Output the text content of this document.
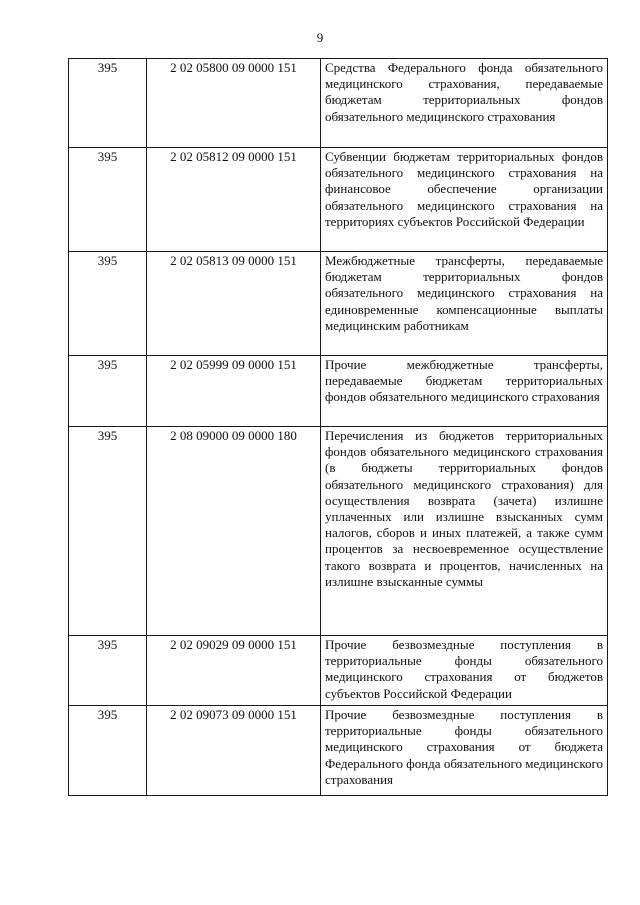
9
395	2 02 05800 09 0000 151	Средства Федерального фонда обязательного медицинского страхования, передаваемые бюджетам территориальных фондов обязательного медицинского страхования
395	2 02 05812 09 0000 151	Субвенции бюджетам территориальных фондов обязательного медицинского страхования на финансовое обеспечение организации обязательного медицинского страхования на территориях субъектов Российской Федерации
395	2 02 05813 09 0000 151	Межбюджетные трансферты, передаваемые бюджетам территориальных фондов обязательного медицинского страхования на единовременные компенсационные выплаты медицинским работникам
395	2 02 05999 09 0000 151	Прочие межбюджетные трансферты, передаваемые бюджетам территориальных фондов обязательного медицинского страхования
395	2 08 09000 09 0000 180	Перечисления из бюджетов территориальных фондов обязательного медицинского страхования (в бюджеты территориальных фондов обязательного медицинского страхования) для осуществления возврата (зачета) излишне уплаченных или излишне взысканных сумм налогов, сборов и иных платежей, а также сумм процентов за несвоевременное осуществление такого возврата и процентов, начисленных на излишне взысканные суммы
395	2 02 09029 09 0000 151	Прочие безвозмездные поступления в территориальные фонды обязательного медицинского страхования от бюджетов субъектов Российской Федерации
395	2 02 09073 09 0000 151	Прочие безвозмездные поступления в территориальные фонды обязательного медицинского страхования от бюджета Федерального фонда обязательного медицинского страхования
